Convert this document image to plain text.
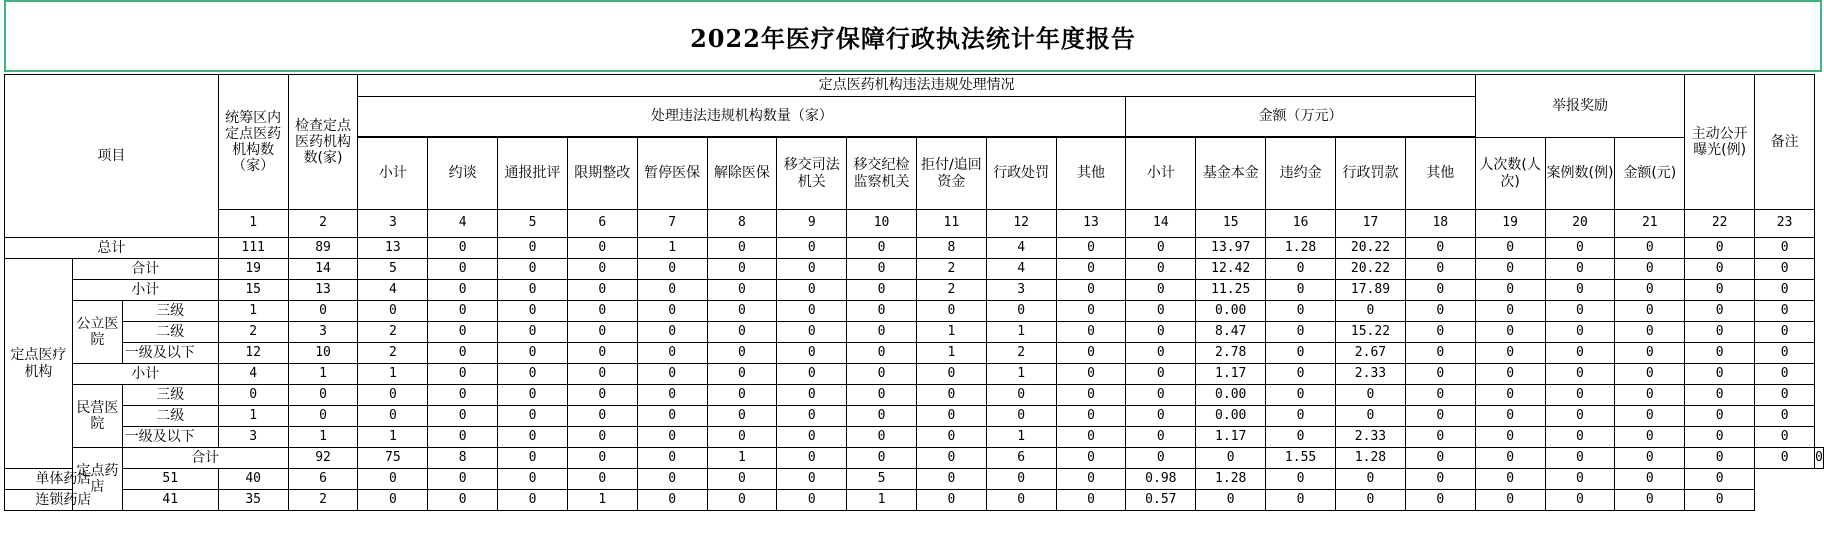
2022年医疗保障行政执法统计年度报告
项目			统筹区内定点医药机构数（家）	检查定点医药机构数(家)	定点医药机构违法违规处理情况																举报奖励			主动公开曝光(例)	备注	
					处理违法违规机构数量（家）											金额（万元）										

					小计	约谈	通报批评	限期整改	暂停医保	解除医保	移交司法机关	移交纪检监察机关	拒付/追回资金	行政处罚	其他	小计	基金本金	违约金	行政罚款	其他	人次数(人次)	案例数(例)	金额(元)			
			1	2	3	4	5	6	7	8	9	10	11	12	13	14	15	16	17	18	19	20	21	22	23	
总计			111	89	13	0	0	0	1	0	0	0	8	4	0	0	13.97	1.28	20.22	0	0	0	0	0	0	
定点医疗机构	合计		19	14	5	0	0	0	0	0	0	0	2	4	0	0	12.42	0	20.22	0	0	0	0	0	0	
	小计		15	13	4	0	0	0	0	0	0	0	2	3	0	0	11.25	0	17.89	0	0	0	0	0	0	
	公立医院	三级	1	0	0	0	0	0	0	0	0	0	0	0	0	0	0.00	0	0	0	0	0	0	0	0	
		二级	2	3	2	0	0	0	0	0	0	0	1	1	0	0	8.47	0	15.22	0	0	0	0	0	0	
		一级及以下	12	10	2	0	0	0	0	0	0	0	1	2	0	0	2.78	0	2.67	0	0	0	0	0	0	
	小计		4	1	1	0	0	0	0	0	0	0	0	1	0	0	1.17	0	2.33	0	0	0	0	0	0	
	民营医院	三级	0	0	0	0	0	0	0	0	0	0	0	0	0	0	0.00	0	0	0	0	0	0	0	0	
		二级	1	0	0	0	0	0	0	0	0	0	0	0	0	0	0.00	0	0	0	0	0	0	0	0	
		一级及以下	3	1	1	0	0	0	0	0	0	0	0	1	0	0	1.17	0	2.33	0	0	0	0	0	0	
	定点药店	合计		92	75	8	0	0	0	1	0	0	0	6	0	0	0	1.55	1.28	0	0	0	0	0	0	0
单体药店		51	40	6	0	0	0	0	0	0	0	5	0	0	0	0.98	1.28	0	0	0	0	0	0	0		
连锁药店		41	35	2	0	0	0	1	0	0	0	1	0	0	0	0.57	0	0	0	0	0	0	0	0		
